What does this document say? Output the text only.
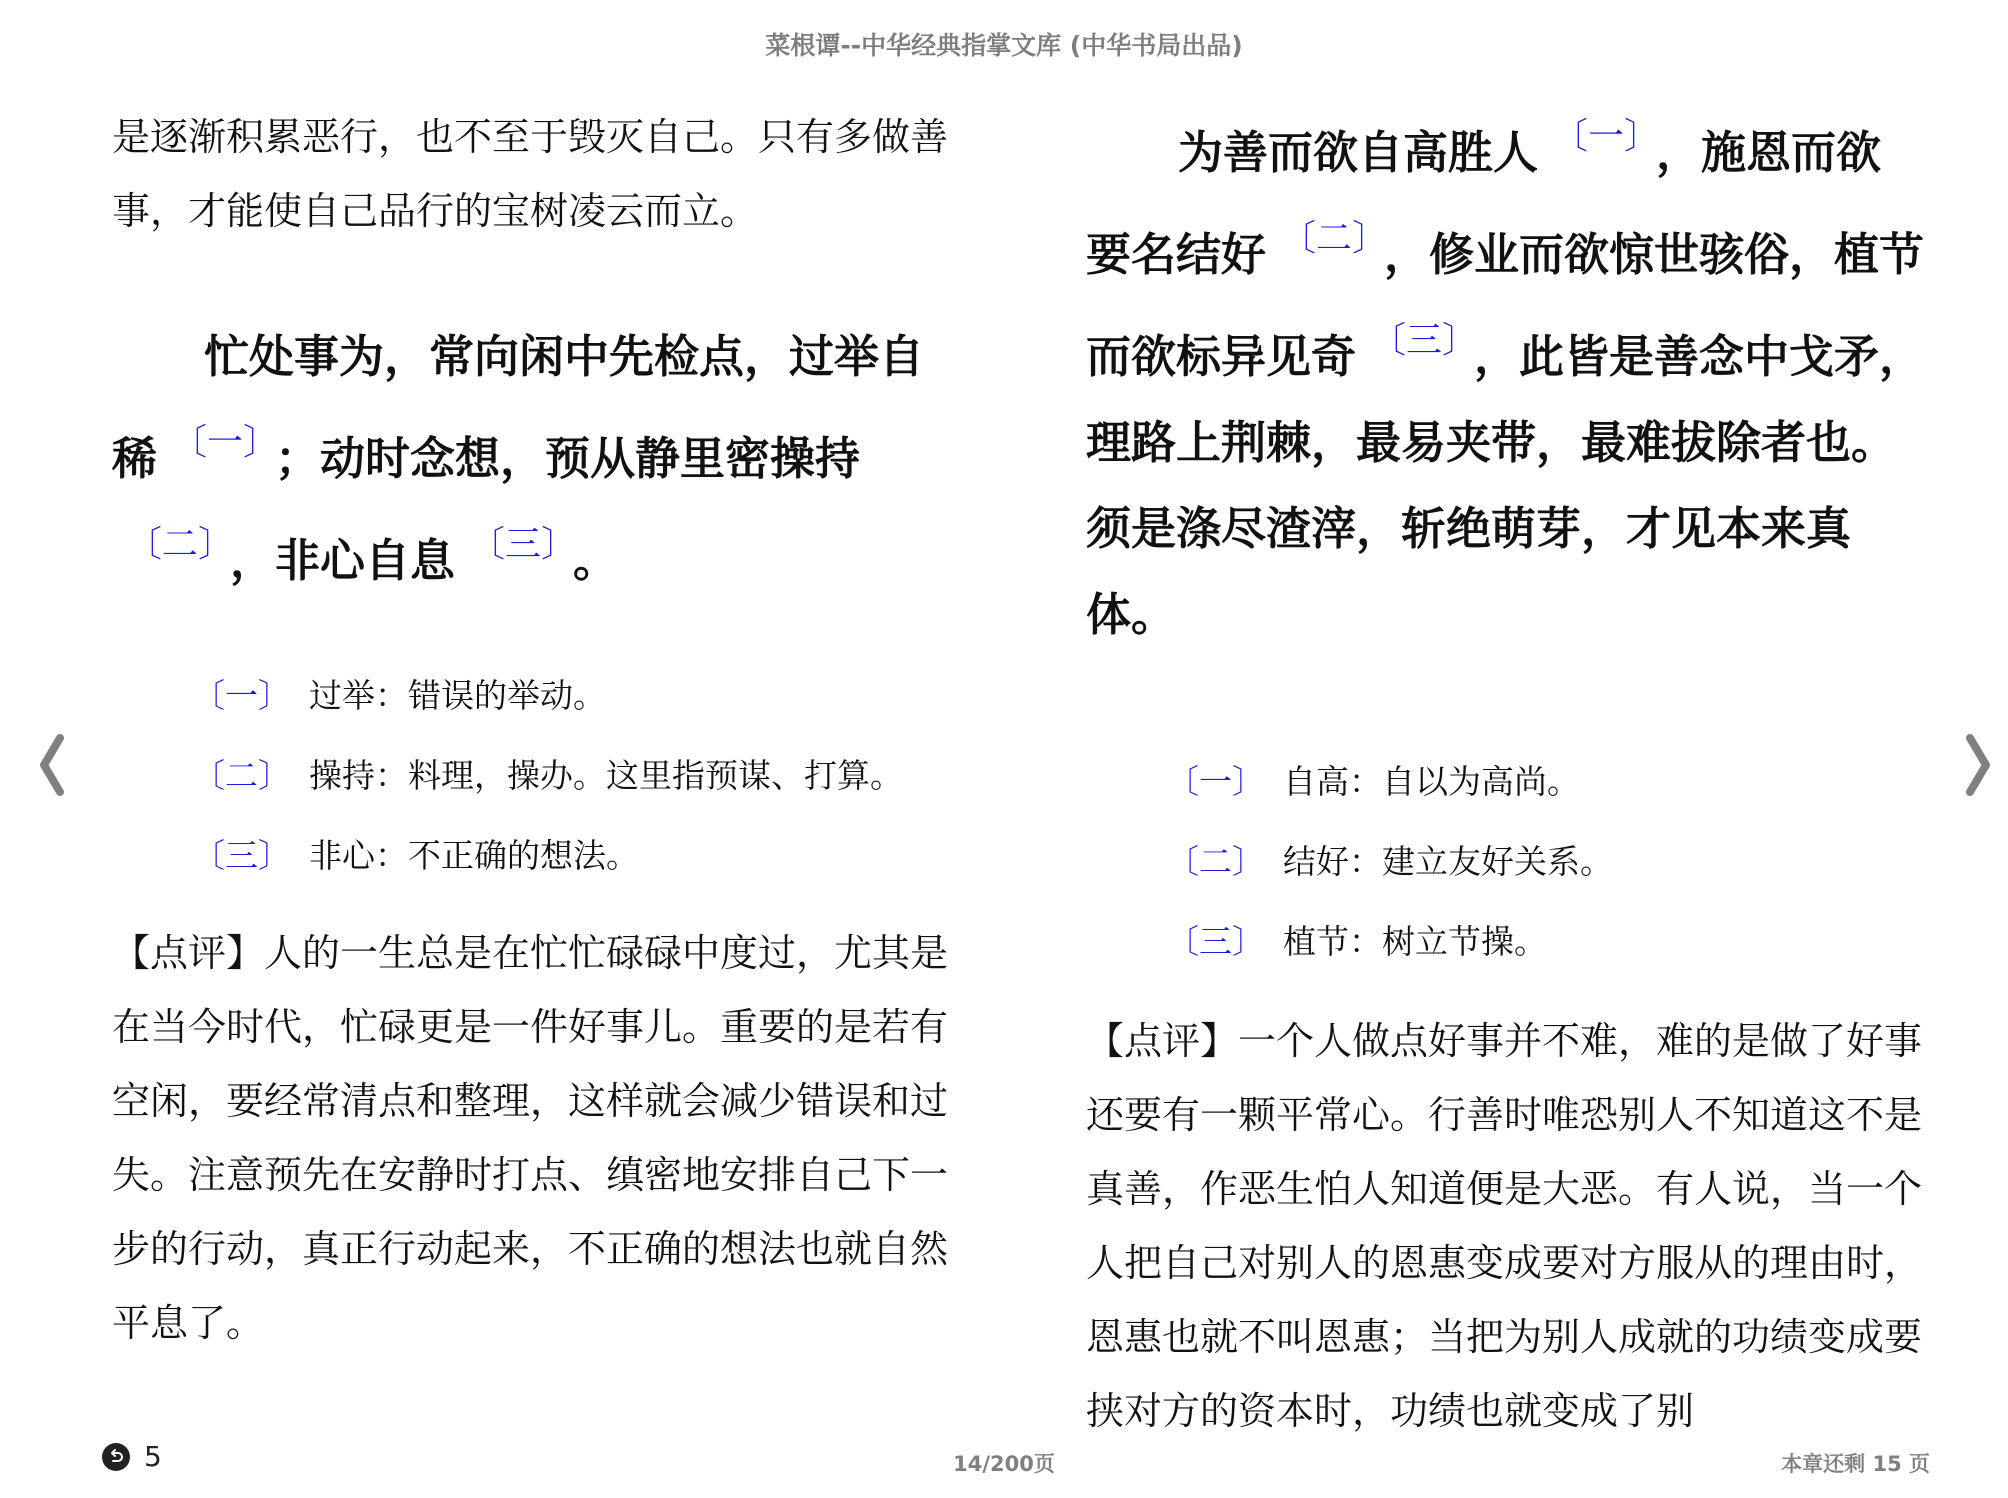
菜根谭--中华经典指掌文库 (中华书局出品)

是逐渐积累恶行，也不至于毁灭自己。只有多做善事，才能使自己品行的宝树凌云而立。

忙处事为，常向闲中先检点，过举自稀 $^{〔一〕}$ ；动时念想，预从静里密操持$^{〔二〕}$ ，非心自息 $^{〔三〕}$ 。

〔一〕 过举：错误的举动。
〔二〕 操持：料理，操办。这里指预谋、打算。
〔三〕 非心：不正确的想法。

【点评】人的一生总是在忙忙碌碌中度过，尤其是在当今时代，忙碌更是一件好事儿。重要的是若有空闲，要经常清点和整理，这样就会减少错误和过失。注意预先在安静时打点、缜密地安排自己下一步的行动，真正行动起来，不正确的想法也就自然平息了。

为善而欲自高胜人 $^{〔一〕}$ ，施恩而欲要名结好 $^{〔二〕}$ ，修业而欲惊世骇俗，植节而欲标异见奇 $^{〔三〕}$ ，此皆是善念中戈矛，理路上荆棘，最易夹带，最难拔除者也。须是涤尽渣滓，斩绝萌芽，才见本来真体。

〔一〕 自高：自以为高尚。
〔二〕 结好：建立友好关系。
〔三〕 植节：树立节操。

【点评】一个人做点好事并不难，难的是做了好事还要有一颗平常心。行善时唯恐别人不知道这不是真善，作恶生怕人知道便是大恶。有人说，当一个人把自己对别人的恩惠变成要对方服从的理由时，恩惠也就不叫恩惠；当把为别人成就的功绩变成要挟对方的资本时，功绩也就变成了别

5	14/200页	本章还剩 15 页
